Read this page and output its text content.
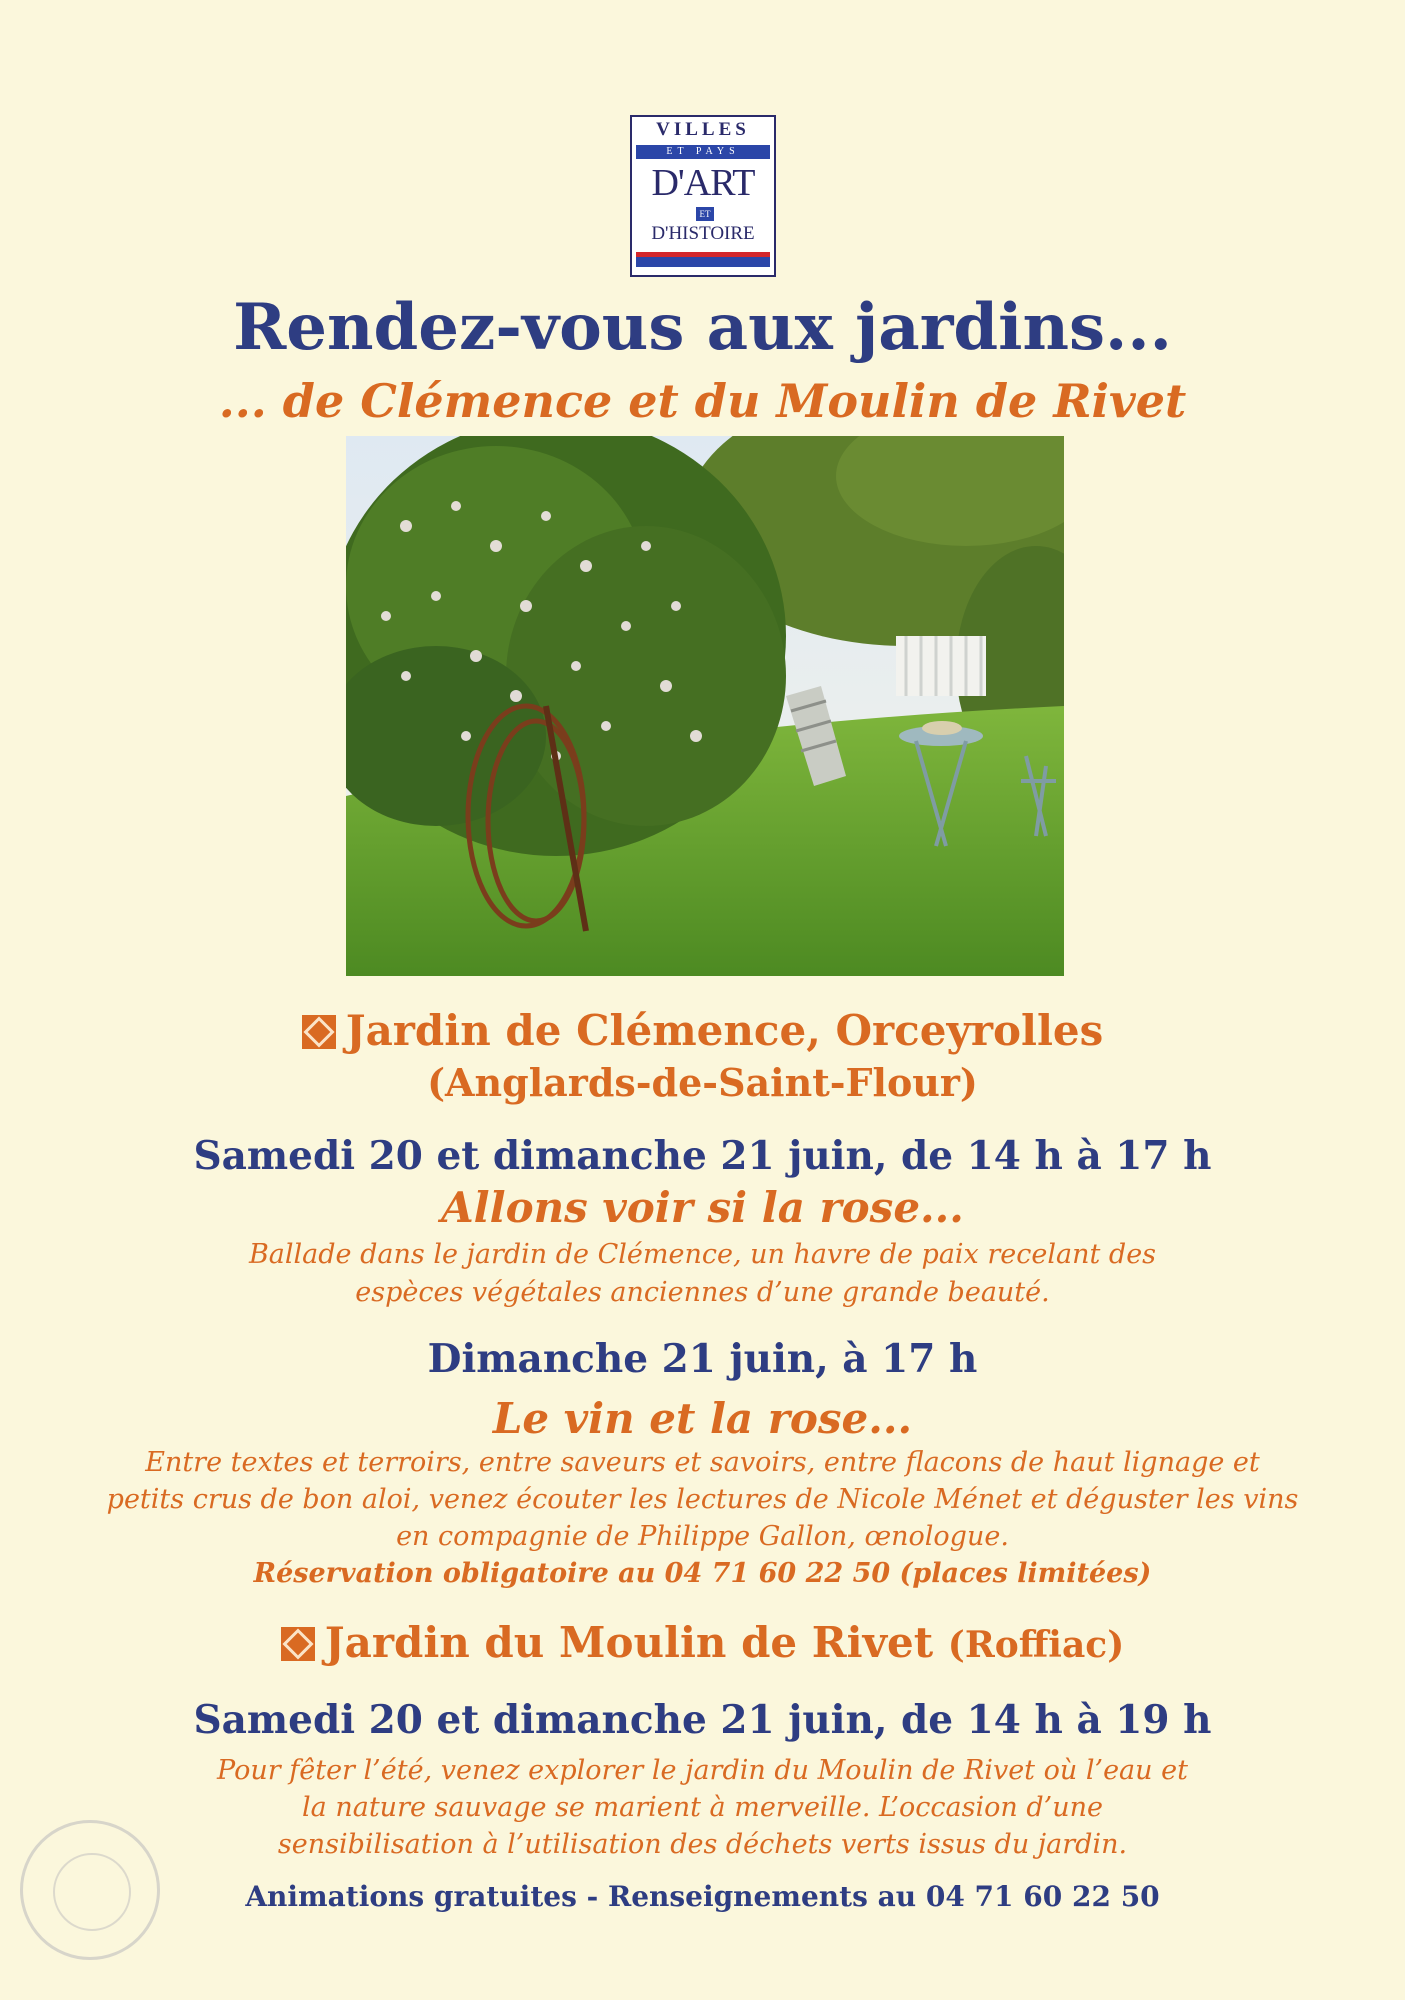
VILLES
ET PAYS
D'ART
ET
D'HISTOIRE
Rendez-vous aux jardins...
... de Clémence et du Moulin de Rivet
Jardin de Clémence, Orceyrolles
(Anglards-de-Saint-Flour)
Samedi 20 et dimanche 21 juin, de 14 h à 17 h
Allons voir si la rose...
Ballade dans le jardin de Clémence, un havre de paix recelant des
espèces végétales anciennes d’une grande beauté.
Dimanche 21 juin, à 17 h
Le vin et la rose...
Entre textes et terroirs, entre saveurs et savoirs, entre flacons de haut lignage et
petits crus de bon aloi, venez écouter les lectures de Nicole Ménet et déguster les vins
en compagnie de Philippe Gallon, œnologue.
Réservation obligatoire au 04 71 60 22 50 (places limitées)
Jardin du Moulin de Rivet (Roffiac)
Samedi 20 et dimanche 21 juin, de 14 h à 19 h
Pour fêter l’été, venez explorer le jardin du Moulin de Rivet où l’eau et
la nature sauvage se marient à merveille. L’occasion d’une
sensibilisation à l’utilisation des déchets verts issus du jardin.
Animations gratuites - Renseignements au 04 71 60 22 50
